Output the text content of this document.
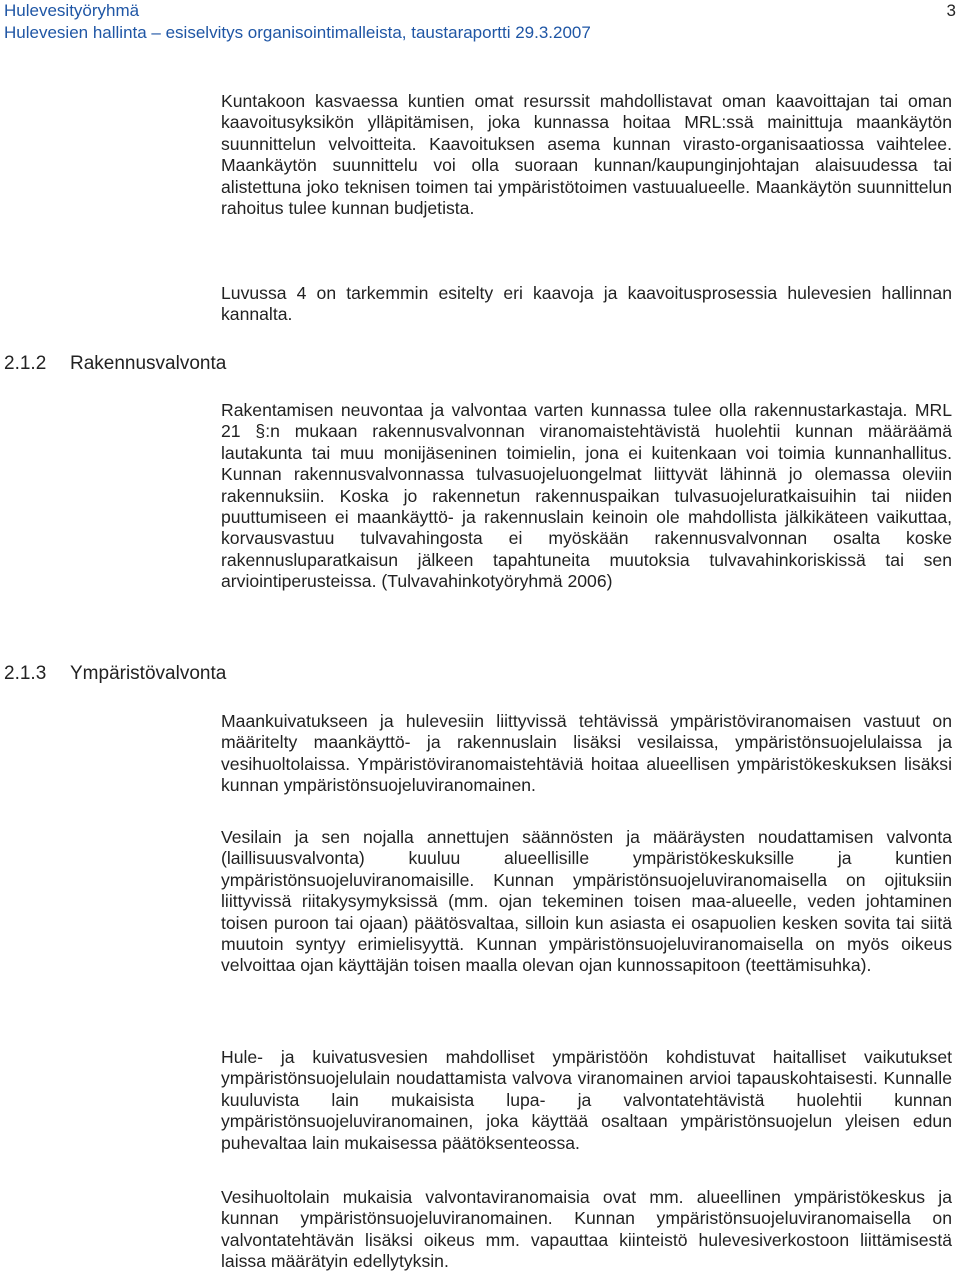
Hulevesityöryhmä
Hulevesien hallinta – esiselvitys organisointimalleista, taustaraportti 29.3.2007
3

Kuntakoon kasvaessa kuntien omat resurssit mahdollistavat oman kaavoittajan tai oman kaavoitusyksikön ylläpitämisen, joka kunnassa hoitaa MRL:ssä mainittuja maankäytön suunnittelun velvoitteita. Kaavoituksen asema kunnan virasto-organisaatiossa vaihtelee. Maankäytön suunnittelu voi olla suoraan kunnan/kaupunginjohtajan alaisuudessa tai alistettuna joko teknisen toimen tai ympäristötoimen vastuualueelle. Maankäytön suunnittelun rahoitus tulee kunnan budjetista.

Luvussa 4 on tarkemmin esitelty eri kaavoja ja kaavoitusprosessia hulevesien hallinnan kannalta.

2.1.2 Rakennusvalvonta

Rakentamisen neuvontaa ja valvontaa varten kunnassa tulee olla rakennustarkastaja. MRL 21 §:n mukaan rakennusvalvonnan viranomaistehtävistä huolehtii kunnan määräämä lautakunta tai muu monijäseninen toimielin, jona ei kuitenkaan voi toimia kunnanhallitus. Kunnan rakennusvalvonnassa tulvasuojeluongelmat liittyvät lähinnä jo olemassa oleviin rakennuksiin. Koska jo rakennetun rakennuspaikan tulvasuojeluratkaisuihin tai niiden puuttumiseen ei maankäyttö- ja rakennuslain keinoin ole mahdollista jälkikäteen vaikuttaa, korvausvastuu tulvavahingosta ei myöskään rakennusvalvonnan osalta koske rakennusluparatkaisun jälkeen tapahtuneita muutoksia tulvavahinkoriskissä tai sen arviointiperusteissa. (Tulvavahinkotyöryhmä 2006)

2.1.3 Ympäristövalvonta

Maankuivatukseen ja hulevesiin liittyvissä tehtävissä ympäristöviranomaisen vastuut on määritelty maankäyttö- ja rakennuslain lisäksi vesilaissa, ympäristönsuojelulaissa ja vesihuoltolaissa. Ympäristöviranomaistehtäviä hoitaa alueellisen ympäristökeskuksen lisäksi kunnan ympäristönsuojeluviranomainen.

Vesilain ja sen nojalla annettujen säännösten ja määräysten noudattamisen valvonta (laillisuusvalvonta) kuuluu alueellisille ympäristökeskuksille ja kuntien ympäristönsuojeluviranomaisille. Kunnan ympäristönsuojeluviranomaisella on ojituksiin liittyvissä riitakysymyksissä (mm. ojan tekeminen toisen maa-alueelle, veden johtaminen toisen puroon tai ojaan) päätösvaltaa, silloin kun asiasta ei osapuolien kesken sovita tai siitä muutoin syntyy erimielisyyttä. Kunnan ympäristönsuojeluviranomaisella on myös oikeus velvoittaa ojan käyttäjän toisen maalla olevan ojan kunnossapitoon (teettämisuhka).

Hule- ja kuivatusvesien mahdolliset ympäristöön kohdistuvat haitalliset vaikutukset ympäristönsuojelulain noudattamista valvova viranomainen arvioi tapauskohtaisesti. Kunnalle kuuluvista lain mukaisista lupa- ja valvontatehtävistä huolehtii kunnan ympäristönsuojeluviranomainen, joka käyttää osaltaan ympäristönsuojelun yleisen edun puhevaltaa lain mukaisessa päätöksenteossa.

Vesihuoltolain mukaisia valvontaviranomaisia ovat mm. alueellinen ympäristökeskus ja kunnan ympäristönsuojeluviranomainen. Kunnan ympäristönsuojeluviranomaisella on valvontatehtävän lisäksi oikeus mm. vapauttaa kiinteistö hulevesiverkostoon liittämisestä laissa määrätyin edellytyksin.
